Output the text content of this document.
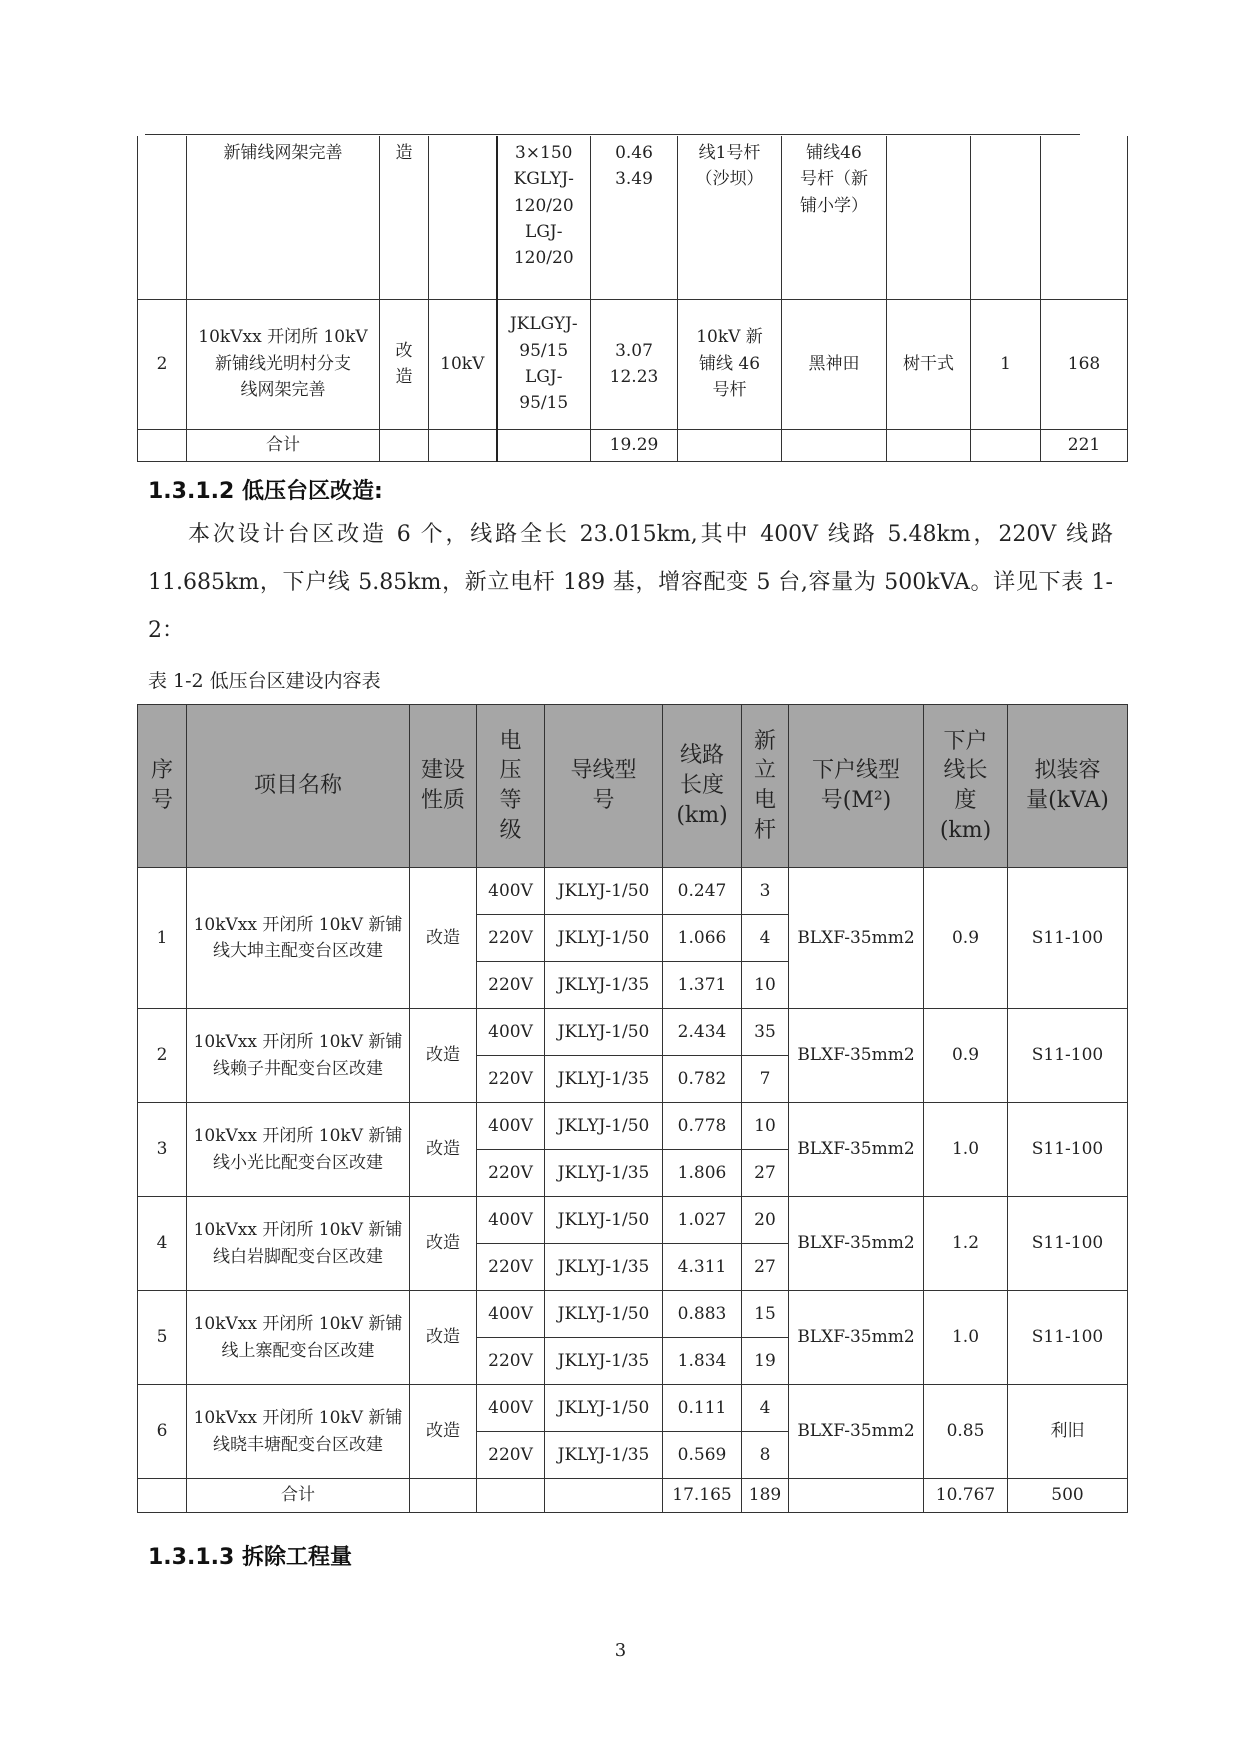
	新铺线网架完善	造		3×150
KGLYJ-
120/20
LGJ-
120/20	0.46
3.49	线1号杆
（沙坝）	铺线46
号杆（新
铺小学）			
2	10kVxx 开闭所 10kV
新铺线光明村分支
线网架完善	改
造	10kV	JKLGYJ-
95/15
LGJ-
95/15	3.07
12.23	10kV 新
铺线 46
号杆	黑神田	树干式	1	168
	合计				19.29					221
1.3.1.2 低压台区改造:

本次设计台区改造 6 个，线路全长 23.015km,其中 400V 线路 5.48km，220V 线路 11.685km，下户线 5.85km，新立电杆 189 基，增容配变 5 台,容量为 500kVA。详见下表 1-2：

表 1-2 低压台区建设内容表
序
号	项目名称	建设
性质	电
压
等
级	导线型
号	线路
长度
(km)	新
立
电
杆	下户线型
号(M²)	下户
线长
度
(km)	拟装容
量(kVA)
1	10kVxx 开闭所 10kV 新铺
线大坤主配变台区改建	改造	400V	JKLYJ-1/50	0.247	3	BLXF-35mm2	0.9	S11-100
			220V	JKLYJ-1/50	1.066	4			
			220V	JKLYJ-1/35	1.371	10			
2	10kVxx 开闭所 10kV 新铺
线赖子井配变台区改建	改造	400V	JKLYJ-1/50	2.434	35	BLXF-35mm2	0.9	S11-100
			220V	JKLYJ-1/35	0.782	7			
3	10kVxx 开闭所 10kV 新铺
线小光比配变台区改建	改造	400V	JKLYJ-1/50	0.778	10	BLXF-35mm2	1.0	S11-100
			220V	JKLYJ-1/35	1.806	27			
4	10kVxx 开闭所 10kV 新铺
线白岩脚配变台区改建	改造	400V	JKLYJ-1/50	1.027	20	BLXF-35mm2	1.2	S11-100
			220V	JKLYJ-1/35	4.311	27			
5	10kVxx 开闭所 10kV 新铺
线上寨配变台区改建	改造	400V	JKLYJ-1/50	0.883	15	BLXF-35mm2	1.0	S11-100
			220V	JKLYJ-1/35	1.834	19			
6	10kVxx 开闭所 10kV 新铺
线晓丰塘配变台区改建	改造	400V	JKLYJ-1/50	0.111	4	BLXF-35mm2	0.85	利旧
			220V	JKLYJ-1/35	0.569	8			
	合计				17.165	189		10.767	500
1.3.1.3 拆除工程量
3
